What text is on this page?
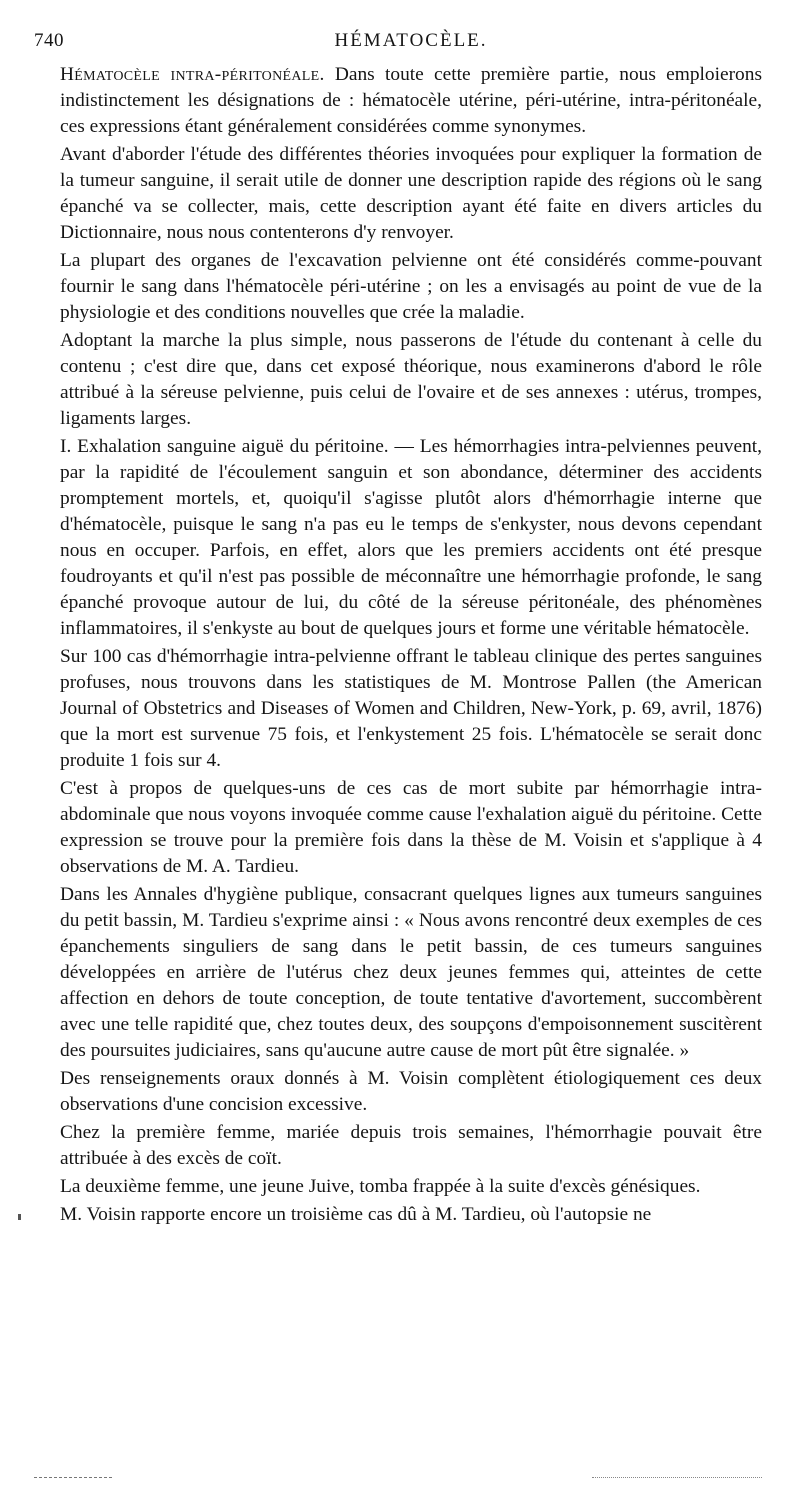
740	HÉMATOCÈLE.

Hématocèle intra-péritonéale. Dans toute cette première partie, nous emploierons indistinctement les désignations de : hématocèle utérine, péri-utérine, intra-péritonéale, ces expressions étant généralement considérées comme synonymes.

Avant d'aborder l'étude des différentes théories invoquées pour expliquer la formation de la tumeur sanguine, il serait utile de donner une description rapide des régions où le sang épanché va se collecter, mais, cette description ayant été faite en divers articles du Dictionnaire, nous nous contenterons d'y renvoyer.

La plupart des organes de l'excavation pelvienne ont été considérés comme-pouvant fournir le sang dans l'hématocèle péri-utérine ; on les a envisagés au point de vue de la physiologie et des conditions nouvelles que crée la maladie.

Adoptant la marche la plus simple, nous passerons de l'étude du contenant à celle du contenu ; c'est dire que, dans cet exposé théorique, nous examinerons d'abord le rôle attribué à la séreuse pelvienne, puis celui de l'ovaire et de ses annexes : utérus, trompes, ligaments larges.

I. Exhalation sanguine aiguë du péritoine. — Les hémorrhagies intra-pelviennes peuvent, par la rapidité de l'écoulement sanguin et son abondance, déterminer des accidents promptement mortels, et, quoiqu'il s'agisse plutôt alors d'hémorrhagie interne que d'hématocèle, puisque le sang n'a pas eu le temps de s'enkyster, nous devons cependant nous en occuper. Parfois, en effet, alors que les premiers accidents ont été presque foudroyants et qu'il n'est pas possible de méconnaître une hémorrhagie profonde, le sang épanché provoque autour de lui, du côté de la séreuse péritonéale, des phénomènes inflammatoires, il s'enkyste au bout de quelques jours et forme une véritable hématocèle.

Sur 100 cas d'hémorrhagie intra-pelvienne offrant le tableau clinique des pertes sanguines profuses, nous trouvons dans les statistiques de M. Montrose Pallen (the American Journal of Obstetrics and Diseases of Women and Children, New-York, p. 69, avril, 1876) que la mort est survenue 75 fois, et l'enkystement 25 fois. L'hématocèle se serait donc produite 1 fois sur 4.

C'est à propos de quelques-uns de ces cas de mort subite par hémorrhagie intra-abdominale que nous voyons invoquée comme cause l'exhalation aiguë du péritoine. Cette expression se trouve pour la première fois dans la thèse de M. Voisin et s'applique à 4 observations de M. A. Tardieu.

Dans les Annales d'hygiène publique, consacrant quelques lignes aux tumeurs sanguines du petit bassin, M. Tardieu s'exprime ainsi : « Nous avons rencontré deux exemples de ces épanchements singuliers de sang dans le petit bassin, de ces tumeurs sanguines développées en arrière de l'utérus chez deux jeunes femmes qui, atteintes de cette affection en dehors de toute conception, de toute tentative d'avortement, succombèrent avec une telle rapidité que, chez toutes deux, des soupçons d'empoisonnement suscitèrent des poursuites judiciaires, sans qu'aucune autre cause de mort pût être signalée. »

Des renseignements oraux donnés à M. Voisin complètent étiologiquement ces deux observations d'une concision excessive.

Chez la première femme, mariée depuis trois semaines, l'hémorrhagie pouvait être attribuée à des excès de coït.

La deuxième femme, une jeune Juive, tomba frappée à la suite d'excès génésiques.

M. Voisin rapporte encore un troisième cas dû à M. Tardieu, où l'autopsie ne
